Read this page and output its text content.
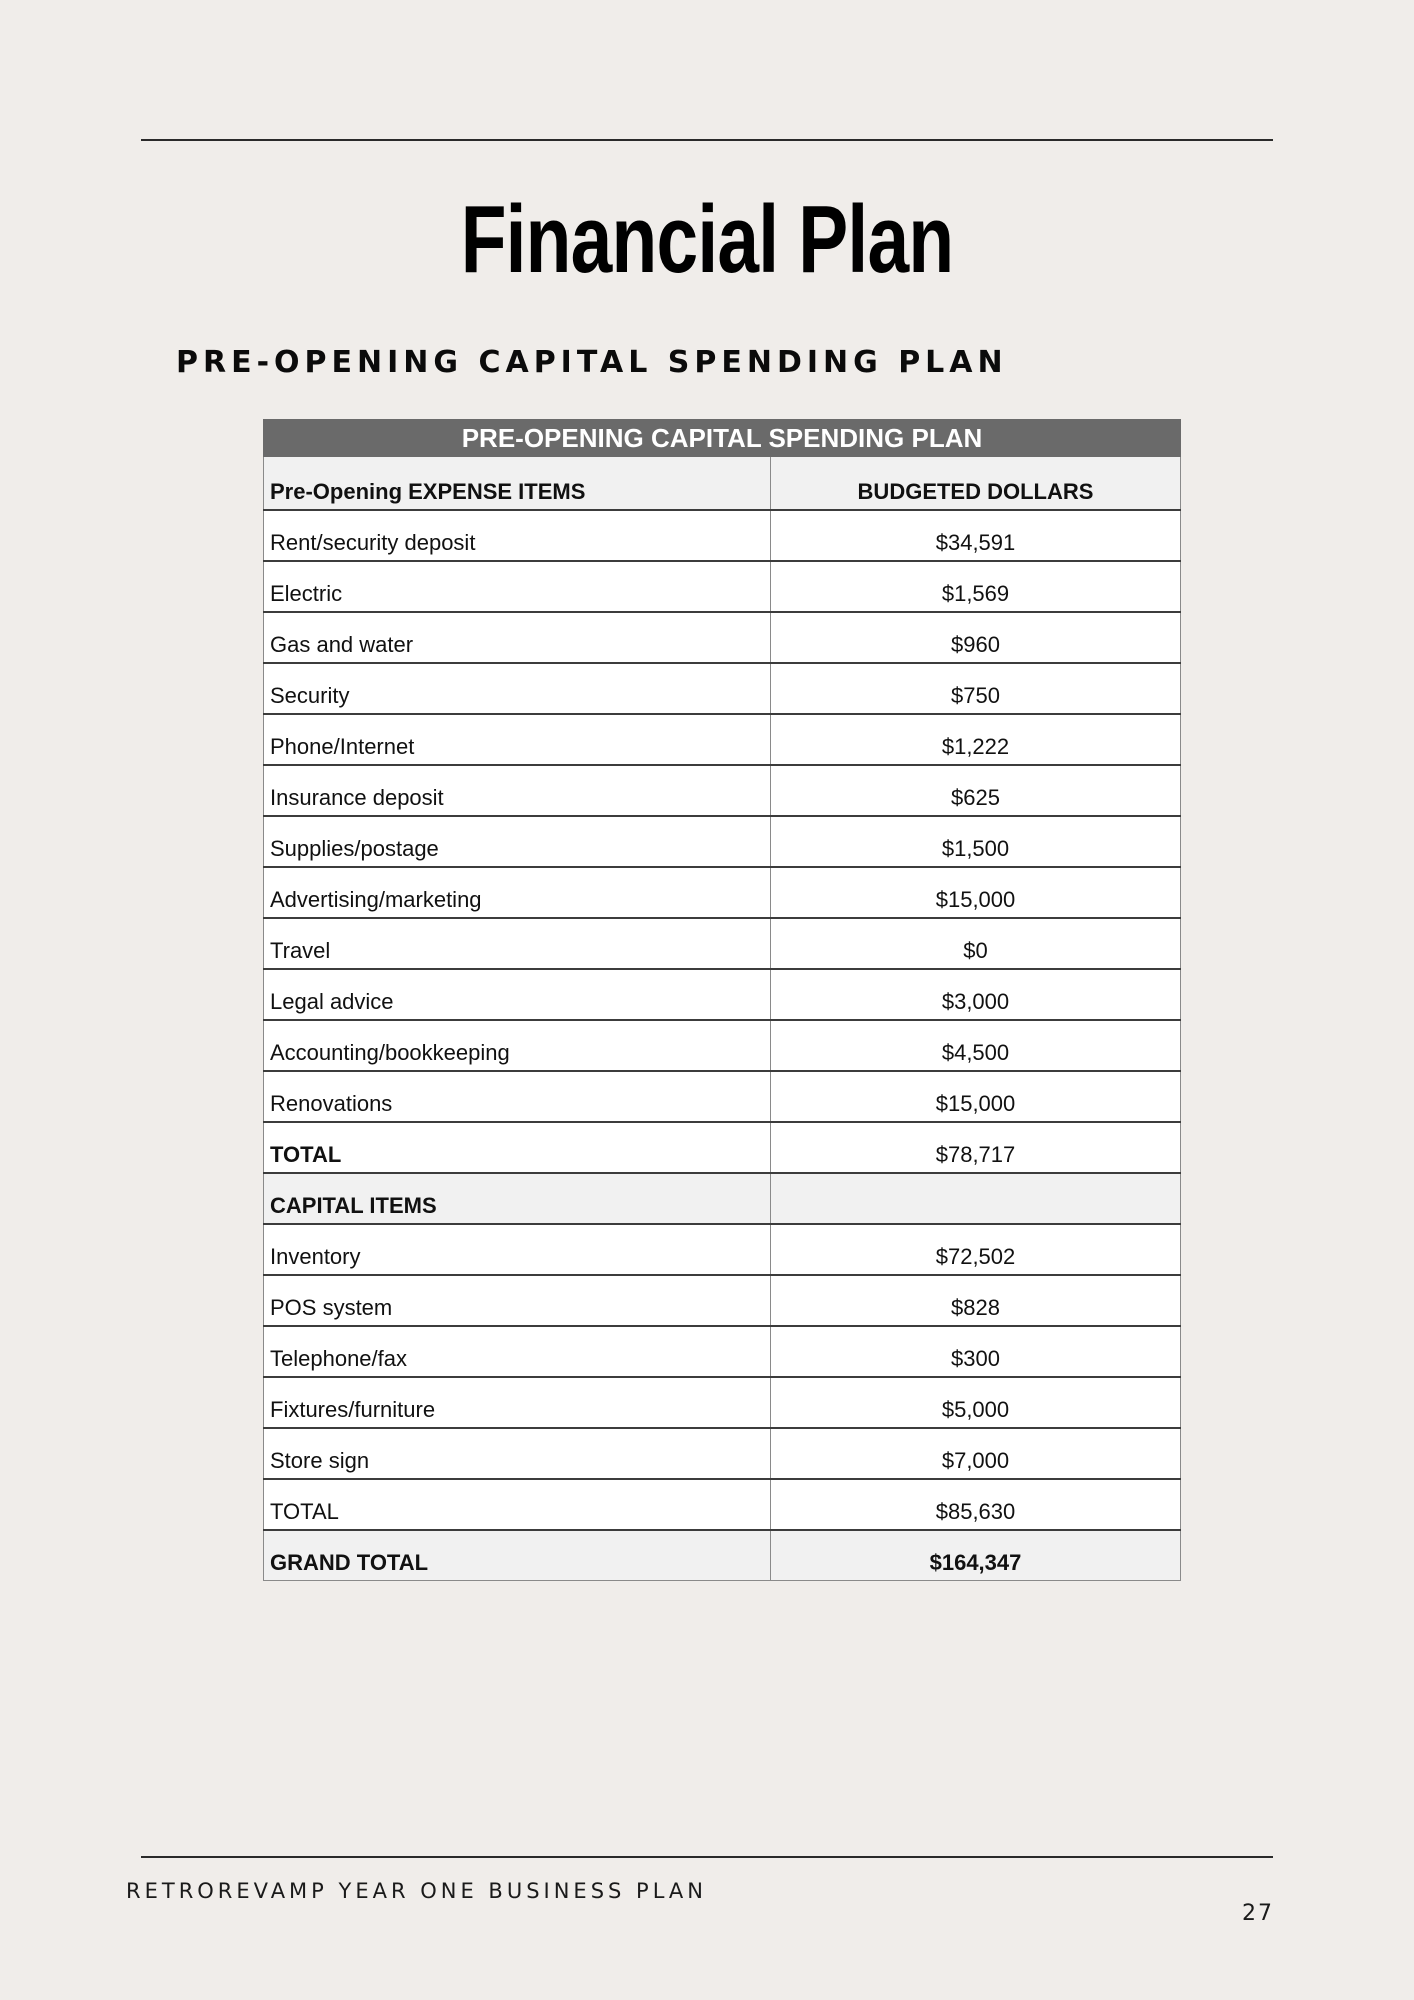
Financial Plan
PRE-OPENING CAPITAL SPENDING PLAN
PRE-OPENING CAPITAL SPENDING PLAN	
Pre-Opening EXPENSE ITEMS	BUDGETED DOLLARS
Rent/security deposit	$34,591
Electric	$1,569
Gas and water	$960
Security	$750
Phone/Internet	$1,222
Insurance deposit	$625
Supplies/postage	$1,500
Advertising/marketing	$15,000
Travel	$0
Legal advice	$3,000
Accounting/bookkeeping	$4,500
Renovations	$15,000
TOTAL	$78,717
CAPITAL ITEMS	
Inventory	$72,502
POS system	$828
Telephone/fax	$300
Fixtures/furniture	$5,000
Store sign	$7,000
TOTAL	$85,630
GRAND TOTAL	$164,347
RETROREVAMP YEAR ONE BUSINESS PLAN
27
